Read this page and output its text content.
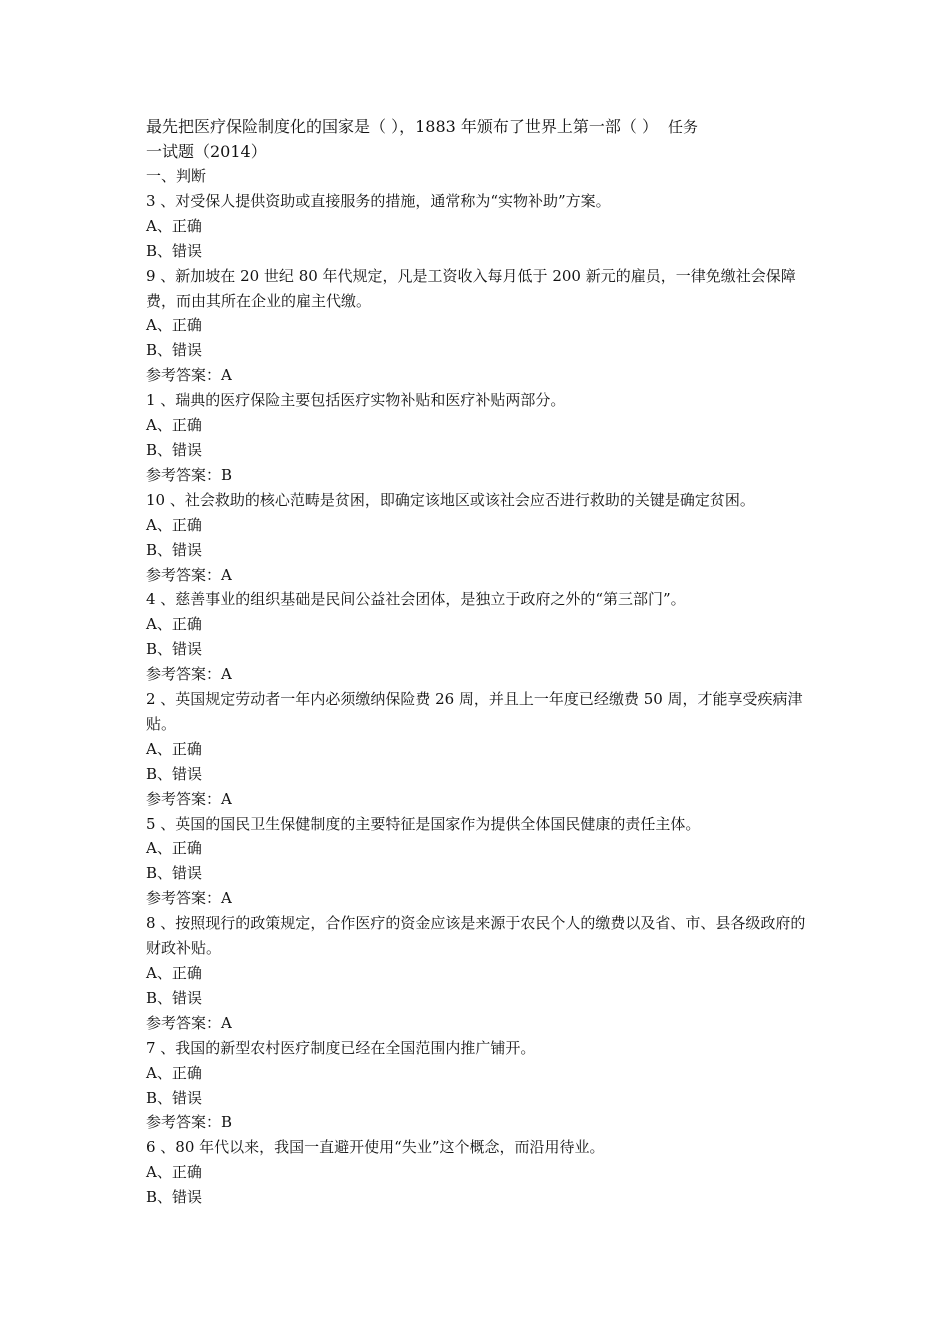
最先把医疗保险制度化的国家是（ ），1883 年颁布了世界上第一部（ ） 任务
一试题（2014）
一、判断
3 、对受保人提供资助或直接服务的措施，通常称为“实物补助”方案。
A、正确
B、错误
9 、新加坡在 20 世纪 80 年代规定，凡是工资收入每月低于 200 新元的雇员，一律免缴社会保障费，而由其所在企业的雇主代缴。
A、正确
B、错误
参考答案：A
1 、瑞典的医疗保险主要包括医疗实物补贴和医疗补贴两部分。
A、正确
B、错误
参考答案：B
10 、社会救助的核心范畴是贫困，即确定该地区或该社会应否进行救助的关键是确定贫困。
A、正确
B、错误
参考答案：A
4 、慈善事业的组织基础是民间公益社会团体，是独立于政府之外的“第三部门”。
A、正确
B、错误
参考答案：A
2 、英国规定劳动者一年内必须缴纳保险费 26 周，并且上一年度已经缴费 50 周，才能享受疾病津贴。
A、正确
B、错误
参考答案：A
5 、英国的国民卫生保健制度的主要特征是国家作为提供全体国民健康的责任主体。
A、正确
B、错误
参考答案：A
8 、按照现行的政策规定，合作医疗的资金应该是来源于农民个人的缴费以及省、市、县各级政府的财政补贴。
A、正确
B、错误
参考答案：A
7 、我国的新型农村医疗制度已经在全国范围内推广铺开。
A、正确
B、错误
参考答案：B
6 、80 年代以来，我国一直避开使用“失业”这个概念，而沿用待业。
A、正确
B、错误
